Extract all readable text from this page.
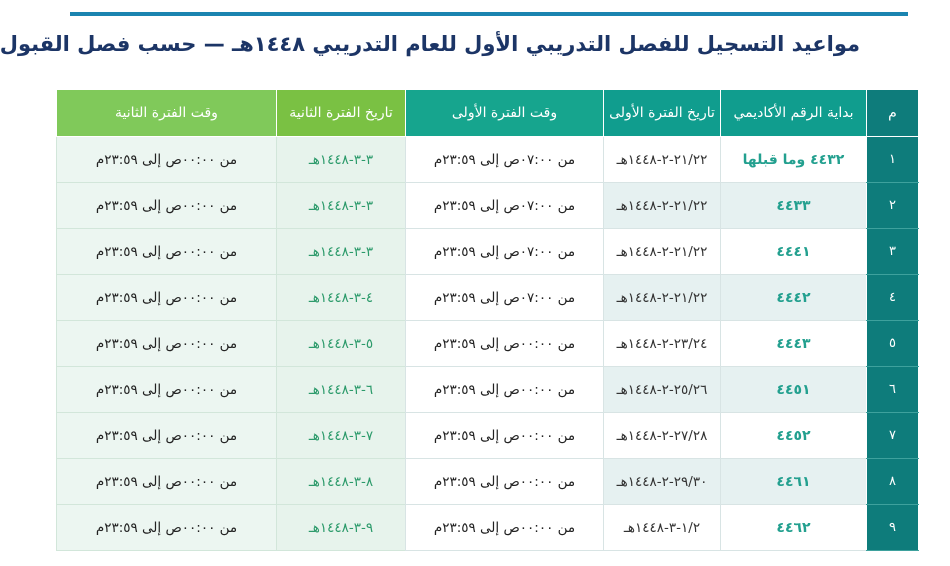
مواعيد التسجيل للفصل التدريبي الأول للعام التدريبي ١٤٤٨هـ — حسب فصل القبول
م	بداية الرقم الأكاديمي	تاريخ الفترة الأولى	وقت الفترة الأولى	تاريخ الفترة الثانية	وقت الفترة الثانية
١	٤٤٣٢ وما قبلها	٢١/٢٢-٢-١٤٤٨هـ	من ٠٧:٠٠ص إلى ٢٣:٥٩م	٣-٣-١٤٤٨هـ	من ٠٠:٠٠ص إلى ٢٣:٥٩م
٢	٤٤٣٣	٢١/٢٢-٢-١٤٤٨هـ	من ٠٧:٠٠ص إلى ٢٣:٥٩م	٣-٣-١٤٤٨هـ	من ٠٠:٠٠ص إلى ٢٣:٥٩م
٣	٤٤٤١	٢١/٢٢-٢-١٤٤٨هـ	من ٠٧:٠٠ص إلى ٢٣:٥٩م	٣-٣-١٤٤٨هـ	من ٠٠:٠٠ص إلى ٢٣:٥٩م
٤	٤٤٤٢	٢١/٢٢-٢-١٤٤٨هـ	من ٠٧:٠٠ص إلى ٢٣:٥٩م	٤-٣-١٤٤٨هـ	من ٠٠:٠٠ص إلى ٢٣:٥٩م
٥	٤٤٤٣	٢٣/٢٤-٢-١٤٤٨هـ	من ٠٠:٠٠ص إلى ٢٣:٥٩م	٥-٣-١٤٤٨هـ	من ٠٠:٠٠ص إلى ٢٣:٥٩م
٦	٤٤٥١	٢٥/٢٦-٢-١٤٤٨هـ	من ٠٠:٠٠ص إلى ٢٣:٥٩م	٦-٣-١٤٤٨هـ	من ٠٠:٠٠ص إلى ٢٣:٥٩م
٧	٤٤٥٢	٢٧/٢٨-٢-١٤٤٨هـ	من ٠٠:٠٠ص إلى ٢٣:٥٩م	٧-٣-١٤٤٨هـ	من ٠٠:٠٠ص إلى ٢٣:٥٩م
٨	٤٤٦١	٢٩/٣٠-٢-١٤٤٨هـ	من ٠٠:٠٠ص إلى ٢٣:٥٩م	٨-٣-١٤٤٨هـ	من ٠٠:٠٠ص إلى ٢٣:٥٩م
٩	٤٤٦٢	١/٢-٣-١٤٤٨هـ	من ٠٠:٠٠ص إلى ٢٣:٥٩م	٩-٣-١٤٤٨هـ	من ٠٠:٠٠ص إلى ٢٣:٥٩م
